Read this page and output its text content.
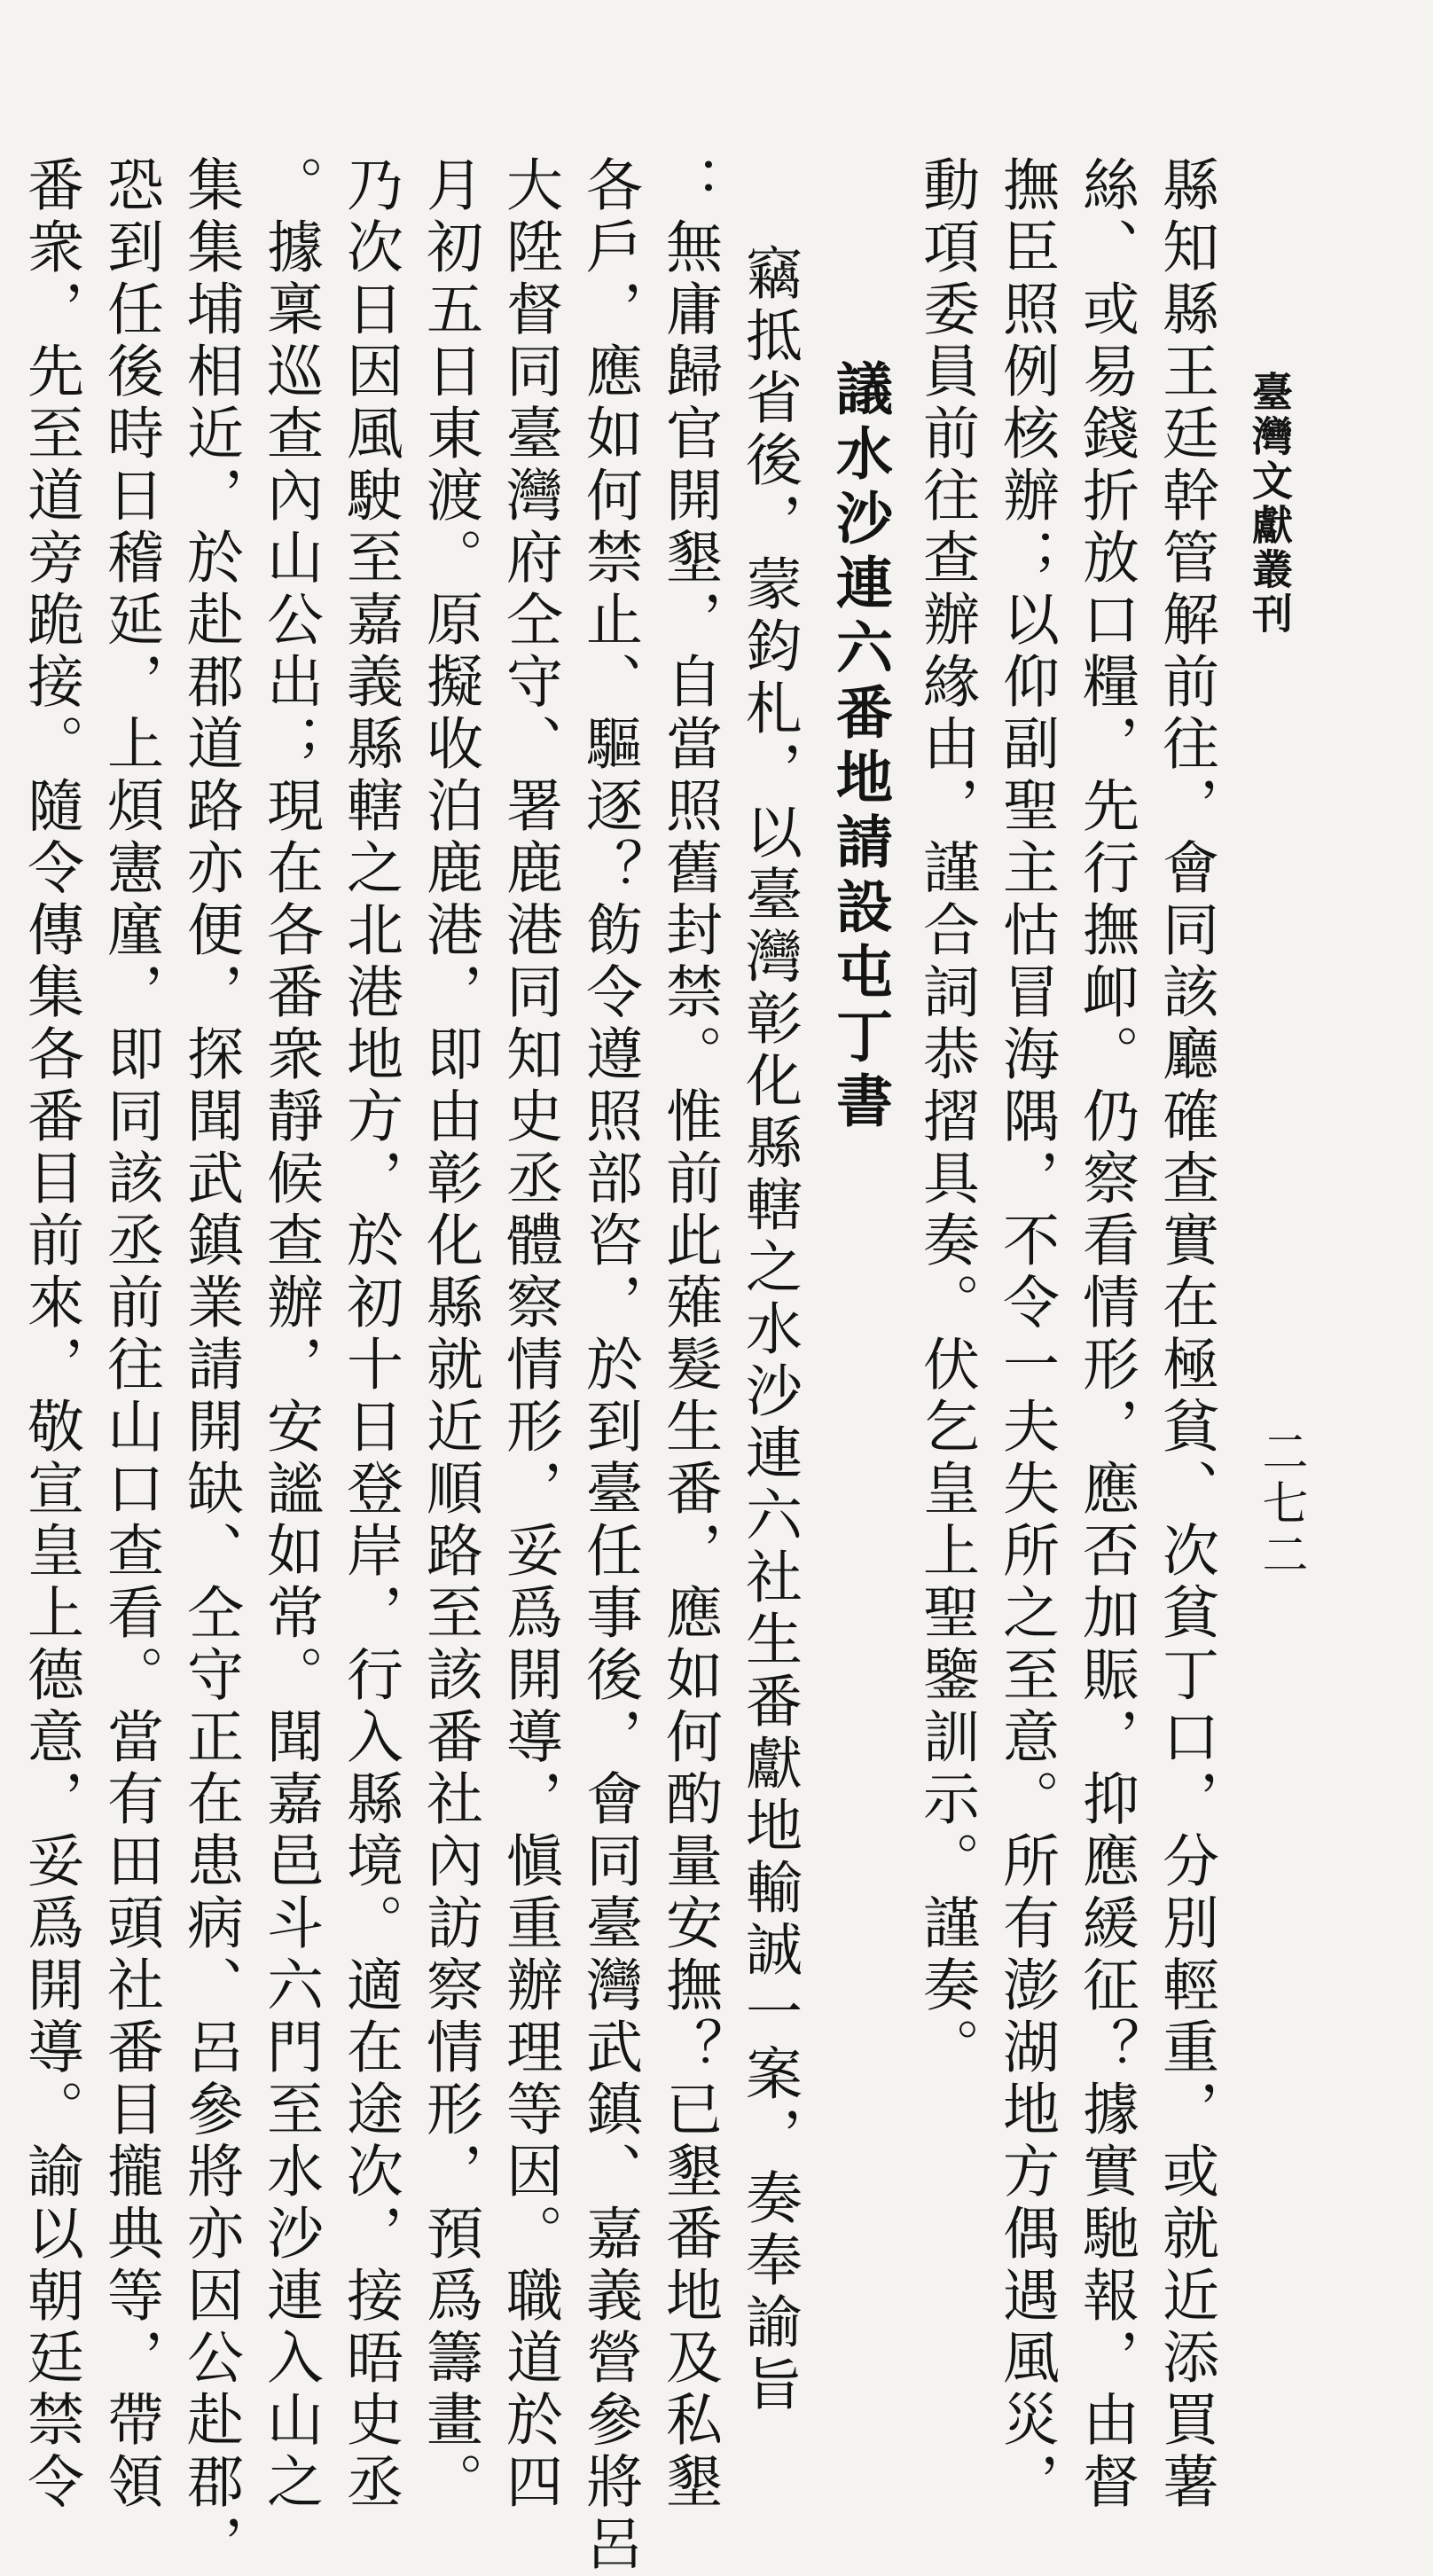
臺灣文獻叢刊
二七二
縣知縣王廷幹管解前往，會同該廳確查實在極貧、次貧丁口，分別輕重，或就近添買薯
絲、或易錢折放口糧，先行撫卹。仍察看情形，應否加賑，抑應緩征？據實馳報，由督
撫臣照例核辦；以仰副聖主怙冒海隅，不令一夫失所之至意。所有澎湖地方偶遇風災，
動項委員前往查辦緣由，謹合詞恭摺具奏。伏乞皇上聖鑒訓示。謹奏。
議水沙連六番地請設屯丁書
竊抵省後，蒙鈞札，以臺灣彰化縣轄之水沙連六社生番獻地輸誠一案，奏奉諭旨
：無庸歸官開墾，自當照舊封禁。惟前此薙髮生番，應如何酌量安撫？已墾番地及私墾
各戶，應如何禁止、驅逐？飭令遵照部咨，於到臺任事後，會同臺灣武鎮、嘉義營參將呂
大陞督同臺灣府仝守、署鹿港同知史丞體察情形，妥爲開導，愼重辦理等因。職道於四
月初五日東渡。原擬收泊鹿港，即由彰化縣就近順路至該番社內訪察情形，預爲籌畫。
乃次日因風駛至嘉義縣轄之北港地方，於初十日登岸，行入縣境。適在途次，接晤史丞
。據稟巡查內山公出；現在各番衆靜候查辦，安謐如常。聞嘉邑斗六門至水沙連入山之
集集埔相近，於赴郡道路亦便，探聞武鎮業請開缺、仝守正在患病、呂參將亦因公赴郡，
恐到任後時日稽延，上煩憲廑，即同該丞前往山口查看。當有田頭社番目攏典等，帶領
番衆，先至道旁跪接。隨令傳集各番目前來，敬宣皇上德意，妥爲開導。諭以朝廷禁令
